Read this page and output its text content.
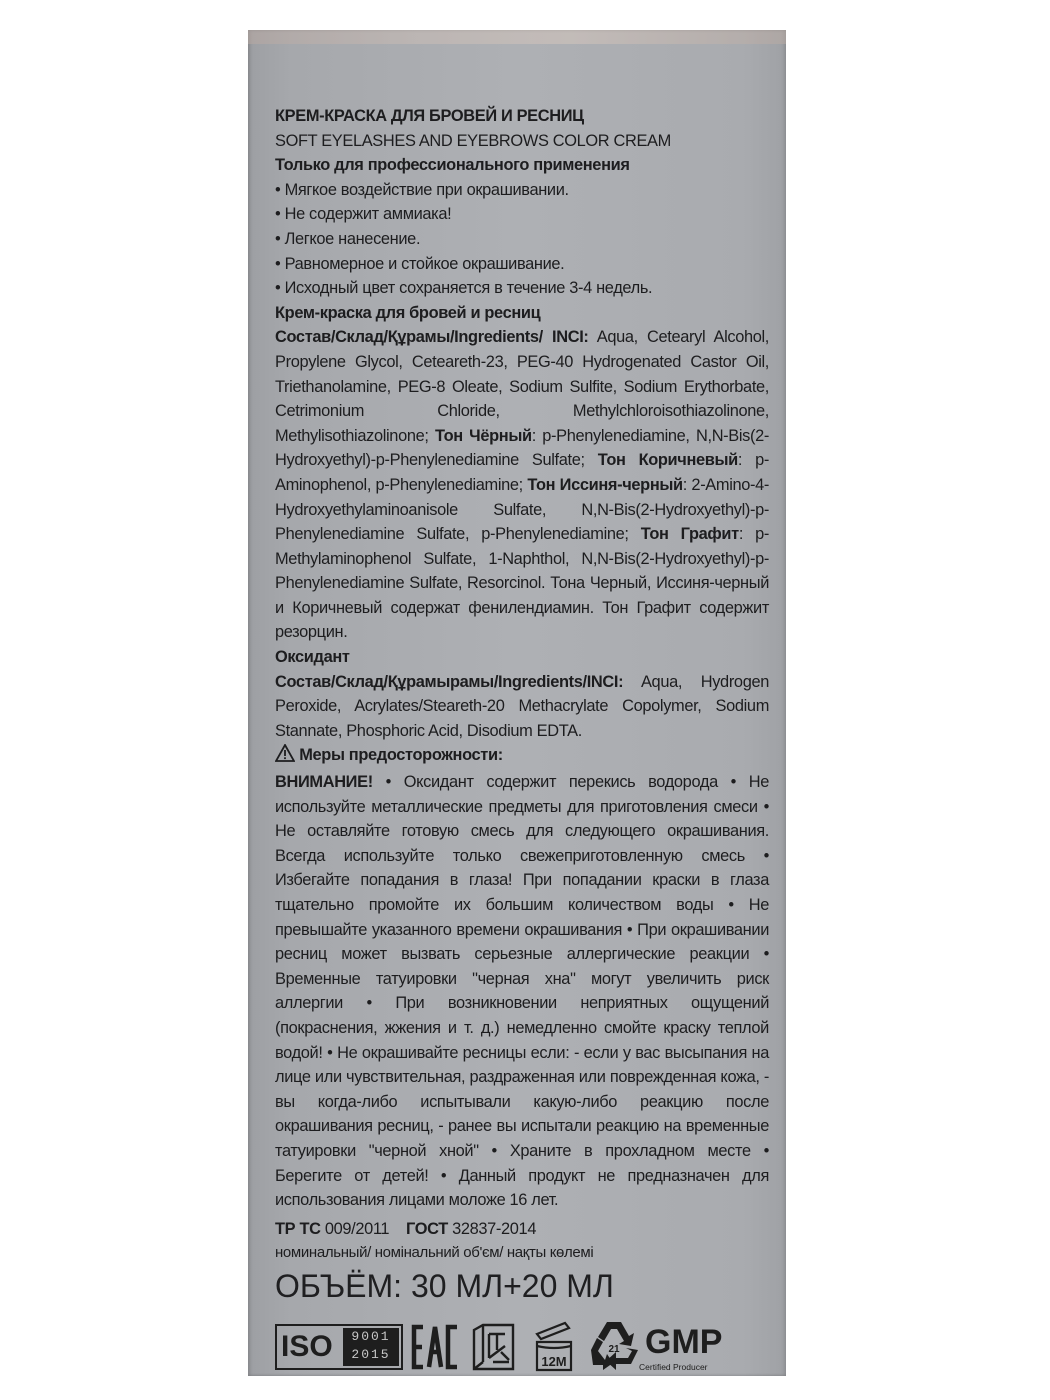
КРЕМ-КРАСКА ДЛЯ БРОВЕЙ И РЕСНИЦ

SOFT EYELASHES AND EYEBROWS COLOR CREAM

Только для профессионального применения

• Мягкое воздействие при окрашивании.

• Не содержит аммиака!

• Легкое нанесение.

• Равномерное и стойкое окрашивание.

• Исходный цвет сохраняется в течение 3-4 недель.

Крем-краска для бровей и ресниц

Состав/Склад/Құрамы/Ingredients/ INCI: Aqua, Cetearyl Alcohol, Propylene Glycol, Ceteareth-23, PEG-40 Hydrogenated Castor Oil, Triethanolamine, PEG-8 Oleate, Sodium Sulfite, Sodium Erythorbate, Cetrimonium Chloride, Methylchloroisothiazolinone, Methylisothiazolinone; Тон Чёрный: p-Phenylenediamine, N,N-Bis(2-Hydroxyethyl)-p-Phenylenediamine Sulfate; Тон Коричневый: p-Aminophenol, p-Phenylenediamine; Тон Иссиня-черный: 2-Amino-4-Hydroxyethylaminoanisole Sulfate, N,N-Bis(2-Hydroxyethyl)-p-Phenylenediamine Sulfate, p-Phenylenediamine; Тон Графит: p-Methylaminophenol Sulfate, 1-Naphthol, N,N-Bis(2-Hydroxyethyl)-p-Phenylenediamine Sulfate, Resorcinol. Тона Черный, Иссиня-черный и Коричневый содержат фенилендиамин. Тон Графит содержит резорцин.

Оксидант

Состав/Склад/Құрамырамы/Ingredients/INCI: Aqua, Hydrogen Peroxide, Acrylates/Steareth-20 Methacrylate Copolymer, Sodium Stannate, Phosphoric Acid, Disodium EDTA.

Меры предосторожности:

ВНИМАНИЕ! • Оксидант содержит перекись водорода • Не используйте металлические предметы для приготовления смеси • Не оставляйте готовую смесь для следующего окрашивания. Всегда используйте только свежеприготовленную смесь • Избегайте попадания в глаза! При попадании краски в глаза тщательно промойте их большим количеством воды • Не превышайте указанного времени окрашивания • При окрашивании ресниц может вызвать серьезные аллергические реакции • Временные татуировки "черная хна" могут увеличить риск аллергии • При возникновении неприятных ощущений (покраснения, жжения и т. д.) немедленно смойте краску теплой водой! • Не окрашивайте ресницы если: - если у вас высыпания на лице или чувствительная, раздраженная или поврежденная кожа, - вы когда-либо испытывали какую-либо реакцию после окрашивания ресниц, - ранее вы испытали реакцию на временные татуировки "черной хной" • Храните в прохладном месте • Берегите от детей! • Данный продукт не предназначен для использования лицами моложе 16 лет.

ТР ТС 009/2011 ГОСТ 32837-2014

номинальный/ номінальний об'єм/ нақты көлемі

ОБЪЁМ: 30 МЛ+20 МЛ

ISO	9001
2015	12M
21 GMP
Certified Producer
